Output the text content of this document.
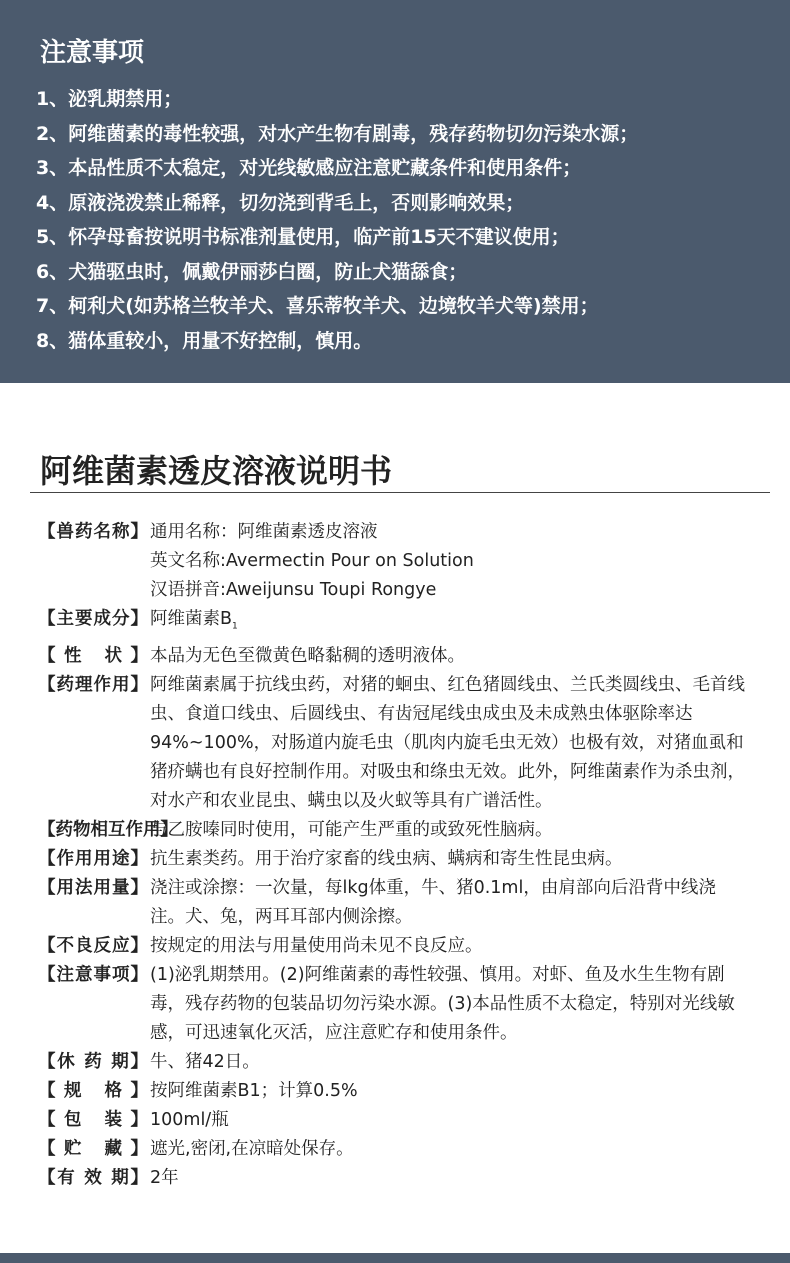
注意事项
1、泌乳期禁用；
2、阿维菌素的毒性较强，对水产生物有剧毒，残存药物切勿污染水源；
3、本品性质不太稳定，对光线敏感应注意贮藏条件和使用条件；
4、原液浇泼禁止稀释，切勿浇到背毛上，否则影响效果；
5、怀孕母畜按说明书标准剂量使用，临产前15天不建议使用；
6、犬猫驱虫时，佩戴伊丽莎白圈，防止犬猫舔食；
7、柯利犬(如苏格兰牧羊犬、喜乐蒂牧羊犬、边境牧羊犬等)禁用；
8、猫体重较小，用量不好控制，慎用。
阿维菌素透皮溶液说明书
【兽药名称】 通用名称：阿维菌素透皮溶液
英文名称:Avermectin Pour on Solution
汉语拼音:Aweijunsu Toupi Rongye
【主要成分】 阿维菌素$B_1$
【性 状】 本品为无色至微黄色略黏稠的透明液体。
【药理作用】 阿维菌素属于抗线虫药，对猪的蛔虫、红色猪圆线虫、兰氏类圆线虫、毛首线虫、食道口线虫、后圆线虫、有齿冠尾线虫成虫及未成熟虫体驱除率达94%~100%，对肠道内旋毛虫（肌肉内旋毛虫无效）也极有效，对猪血虱和猪疥螨也有良好控制作用。对吸虫和绦虫无效。此外，阿维菌素作为杀虫剂，对水产和农业昆虫、螨虫以及火蚁等具有广谱活性。
【药物相互作用】
与乙胺嗪同时使用，可能产生严重的或致死性脑病。
【作用用途】 抗生素类药。用于治疗家畜的线虫病、螨病和寄生性昆虫病。
【用法用量】 浇注或涂擦：一次量，每lkg体重，牛、猪0.1ml，由肩部向后沿背中线浇注。犬、兔，两耳耳部内侧涂擦。
【不良反应】 按规定的用法与用量使用尚未见不良反应。
【注意事项】 (1)泌乳期禁用。(2)阿维菌素的毒性较强、慎用。对虾、鱼及水生生物有剧毒，残存药物的包装品切勿污染水源。(3)本品性质不太稳定，特别对光线敏感，可迅速氧化灭活，应注意贮存和使用条件。
【休 药 期】 牛、猪42日。
【规 格】 按阿维菌素B1；计算0.5%
【包 装】 100ml/瓶
【贮 藏】 遮光,密闭,在凉暗处保存。
【有 效 期】 2年
